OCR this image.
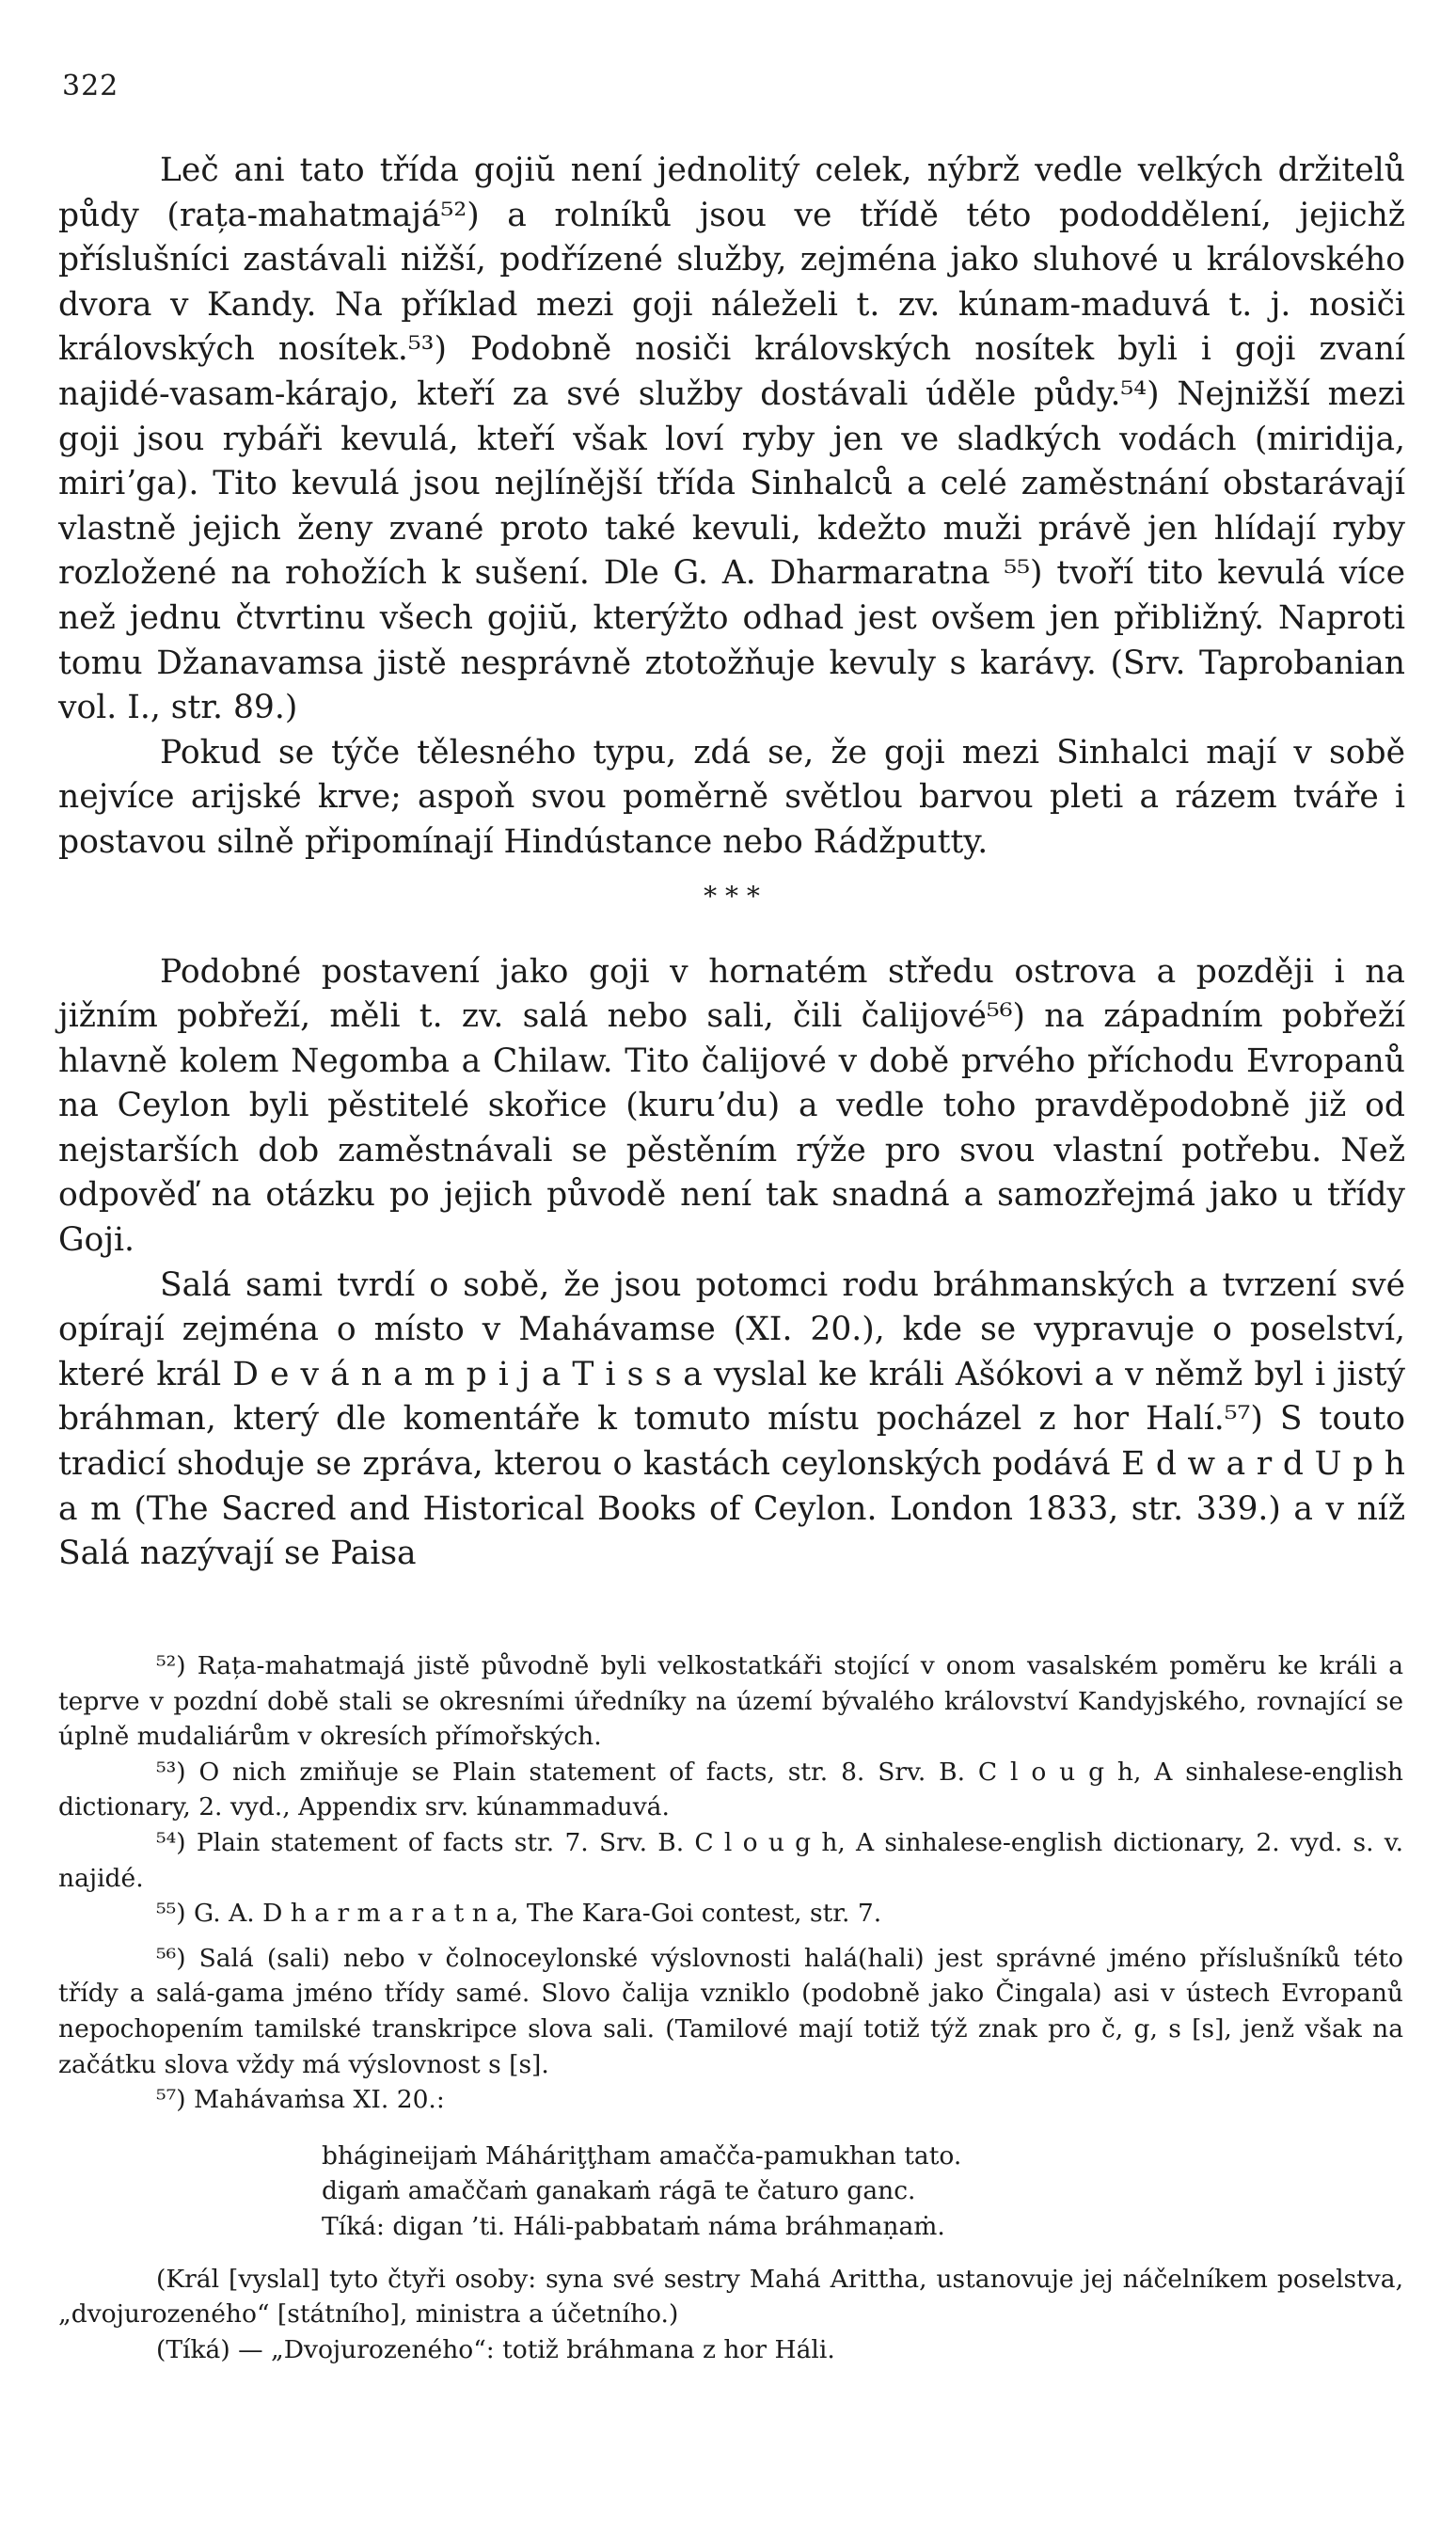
322

Leč ani tato třída gojiŭ není jednolitý celek, nýbrž vedle velkých držitelů půdy (rața-mahatmajá⁵²) a rolníků jsou ve třídě této pododdělení, jejichž příslušníci zastávali nižší, podřízené služby, zejména jako sluhové u královského dvora v Kandy. Na příklad mezi goji náleželi t. zv. kúnam-maduvá t. j. nosiči královských nosítek.⁵³) Podobně nosiči královských nosítek byli i goji zvaní najidé-vasam-kárajo, kteří za své služby dostávali úděle půdy.⁵⁴) Nejnižší mezi goji jsou rybáři kevulá, kteří však loví ryby jen ve sladkých vodách (miridija, miriʼga). Tito kevulá jsou nejlínější třída Sinhalců a celé zaměstnání obstarávají vlastně jejich ženy zvané proto také kevuli, kdežto muži právě jen hlídají ryby rozložené na rohožích k sušení. Dle G. A. Dharmaratna ⁵⁵) tvoří tito kevulá více než jednu čtvrtinu všech gojiŭ, kterýžto odhad jest ovšem jen přibližný. Naproti tomu Džanavamsa jistě nesprávně ztotožňuje kevuly s karávy. (Srv. Taprobanian vol. I., str. 89.)

Pokud se týče tělesného typu, zdá se, že goji mezi Sinhalci mají v sobě nejvíce arijské krve; aspoň svou poměrně světlou barvou pleti a rázem tváře i postavou silně připomínají Hindústance nebo Rádžputty.

* * *

Podobné postavení jako goji v hornatém středu ostrova a později i na jižním pobřeží, měli t. zv. salá nebo sali, čili čalijové⁵⁶) na západním pobřeží hlavně kolem Negomba a Chilaw. Tito čalijové v době prvého příchodu Evropanů na Ceylon byli pěstitelé skořice (kuruʼdu) a vedle toho pravděpodobně již od nejstarších dob zaměstnávali se pěstěním rýže pro svou vlastní potřebu. Než odpověď na otázku po jejich původě není tak snadná a samozřejmá jako u třídy Goji.

Salá sami tvrdí o sobě, že jsou potomci rodu bráhmanských a tvrzení své opírají zejména o místo v Mahávamse (XI. 20.), kde se vypravuje o poselství, které král D e v á n a m p i j a T i s s a vyslal ke králi Ašókovi a v němž byl i jistý bráhman, který dle komentáře k tomuto místu pocházel z hor Halí.⁵⁷) S touto tradicí shoduje se zpráva, kterou o kastách ceylonských podává E d w a r d U p h a m (The Sacred and Historical Books of Ceylon. London 1833, str. 339.) a v níž Salá nazývají se Paisa

⁵²) Rața-mahatmajá jistě původně byli velkostatkáři stojící v onom vasalském poměru ke králi a teprve v pozdní době stali se okresními úředníky na území bývalého království Kandyjského, rovnající se úplně mudaliárům v okresích přímořských.

⁵³) O nich zmiňuje se Plain statement of facts, str. 8. Srv. B. C l o u g h, A sinhalese-english dictionary, 2. vyd., Appendix srv. kúnammaduvá.

⁵⁴) Plain statement of facts str. 7. Srv. B. C l o u g h, A sinhalese-english dictionary, 2. vyd. s. v. najidé.

⁵⁵) G. A. D h a r m a r a t n a, The Kara-Goi contest, str. 7.

⁵⁶) Salá (sali) nebo v čolnoceylonské výslovnosti halá(hali) jest správné jméno příslušníků této třídy a salá-gama jméno třídy samé. Slovo čalija vzniklo (podobně jako Čingala) asi v ústech Evropanů nepochopením tamilské transkripce slova sali. (Tamilové mají totiž týž znak pro č, g, s [s], jenž však na začátku slova vždy má výslovnost s [s].

⁵⁷) Mahávaṁsa XI. 20.:

bhágineijaṁ Máháriţţham amačča-pamukhan tato.
digaṁ amaččaṁ ganakaṁ rágā te čaturo ganc.
Tíká: digan ’ti. Háli-pabbataṁ náma bráhmaṇaṁ.

(Král [vyslal] tyto čtyři osoby: syna své sestry Mahá Arittha, ustanovuje jej náčelníkem poselstva, „dvojurozeného“ [státního], ministra a účetního.)

(Tíká) — „Dvojurozeného“: totiž bráhmana z hor Háli.
